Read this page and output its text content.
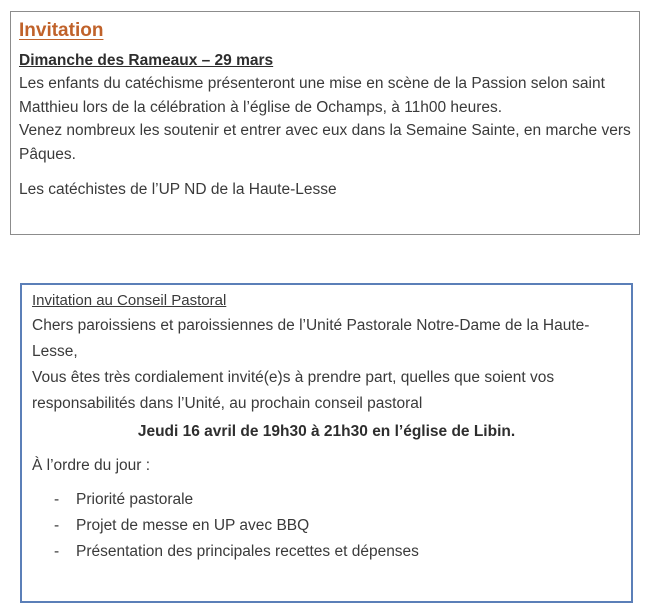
Invitation
Dimanche des Rameaux – 29 mars

Les enfants du catéchisme présenteront une mise en scène de la Passion selon saint Matthieu lors de la célébration à l’église de Ochamps, à 11h00 heures.

Venez nombreux les soutenir et entrer avec eux dans la Semaine Sainte, en marche vers Pâques.

Les catéchistes de l’UP ND de la Haute-Lesse

Invitation au Conseil Pastoral

Chers paroissiens et paroissiennes de l’Unité Pastorale Notre-Dame de la Haute-Lesse,

Vous êtes très cordialement invité(e)s à prendre part, quelles que soient vos responsabilités dans l’Unité, au prochain conseil pastoral

Jeudi 16 avril de 19h30 à 21h30 en l’église de Libin.

À l’ordre du jour :

- Priorité pastorale
- Projet de messe en UP avec BBQ
- Présentation des principales recettes et dépenses
